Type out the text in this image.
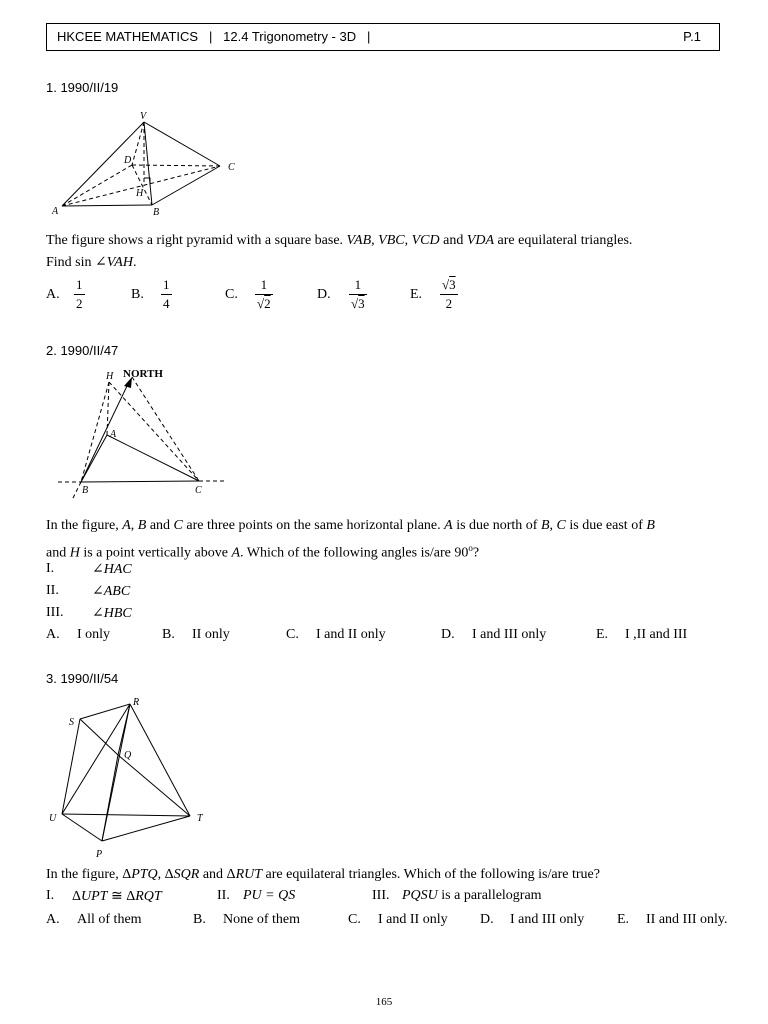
HKCEE MATHEMATICS | 12.4 Trigonometry - 3D |	P.1
1. 1990/II/19
V
D
C
H
A	B
The figure shows a right pyramid with a square base. VAB, VBC, VCD and VDA are equilateral triangles.
Find sin ∠VAH.
A. $\frac{1}{2}$	B. $\frac{1}{4}$	C. $\frac{1}{√2}$	D. $\frac{1}{√3}$	E. $\frac{√3}{2}$
2. 1990/II/47
H NORTH
A
B	C
In the figure, A, B and C are three points on the same horizontal plane. A is due north of B, C is due east of B
and H is a point vertically above A. Which of the following angles is/are 90$^o$?
I.	∠HAC
II. ∠ABC
III. ∠HBC
A. I only	B. II only	C. I and II only	D. I and III only	E. I ,II and III
3. 1990/II/54
R
S
Q
U	T
P
In the figure, ΔPTQ, ΔSQR and ΔRUT are equilateral triangles. Which of the following is/are true?
I. ΔUPT ≅ ΔRQT	II. PU = QS	III. PQSU is a parallelogram
A. All of them	B. None of them	C. I and II only D. I and III only E. II and III only.
165
